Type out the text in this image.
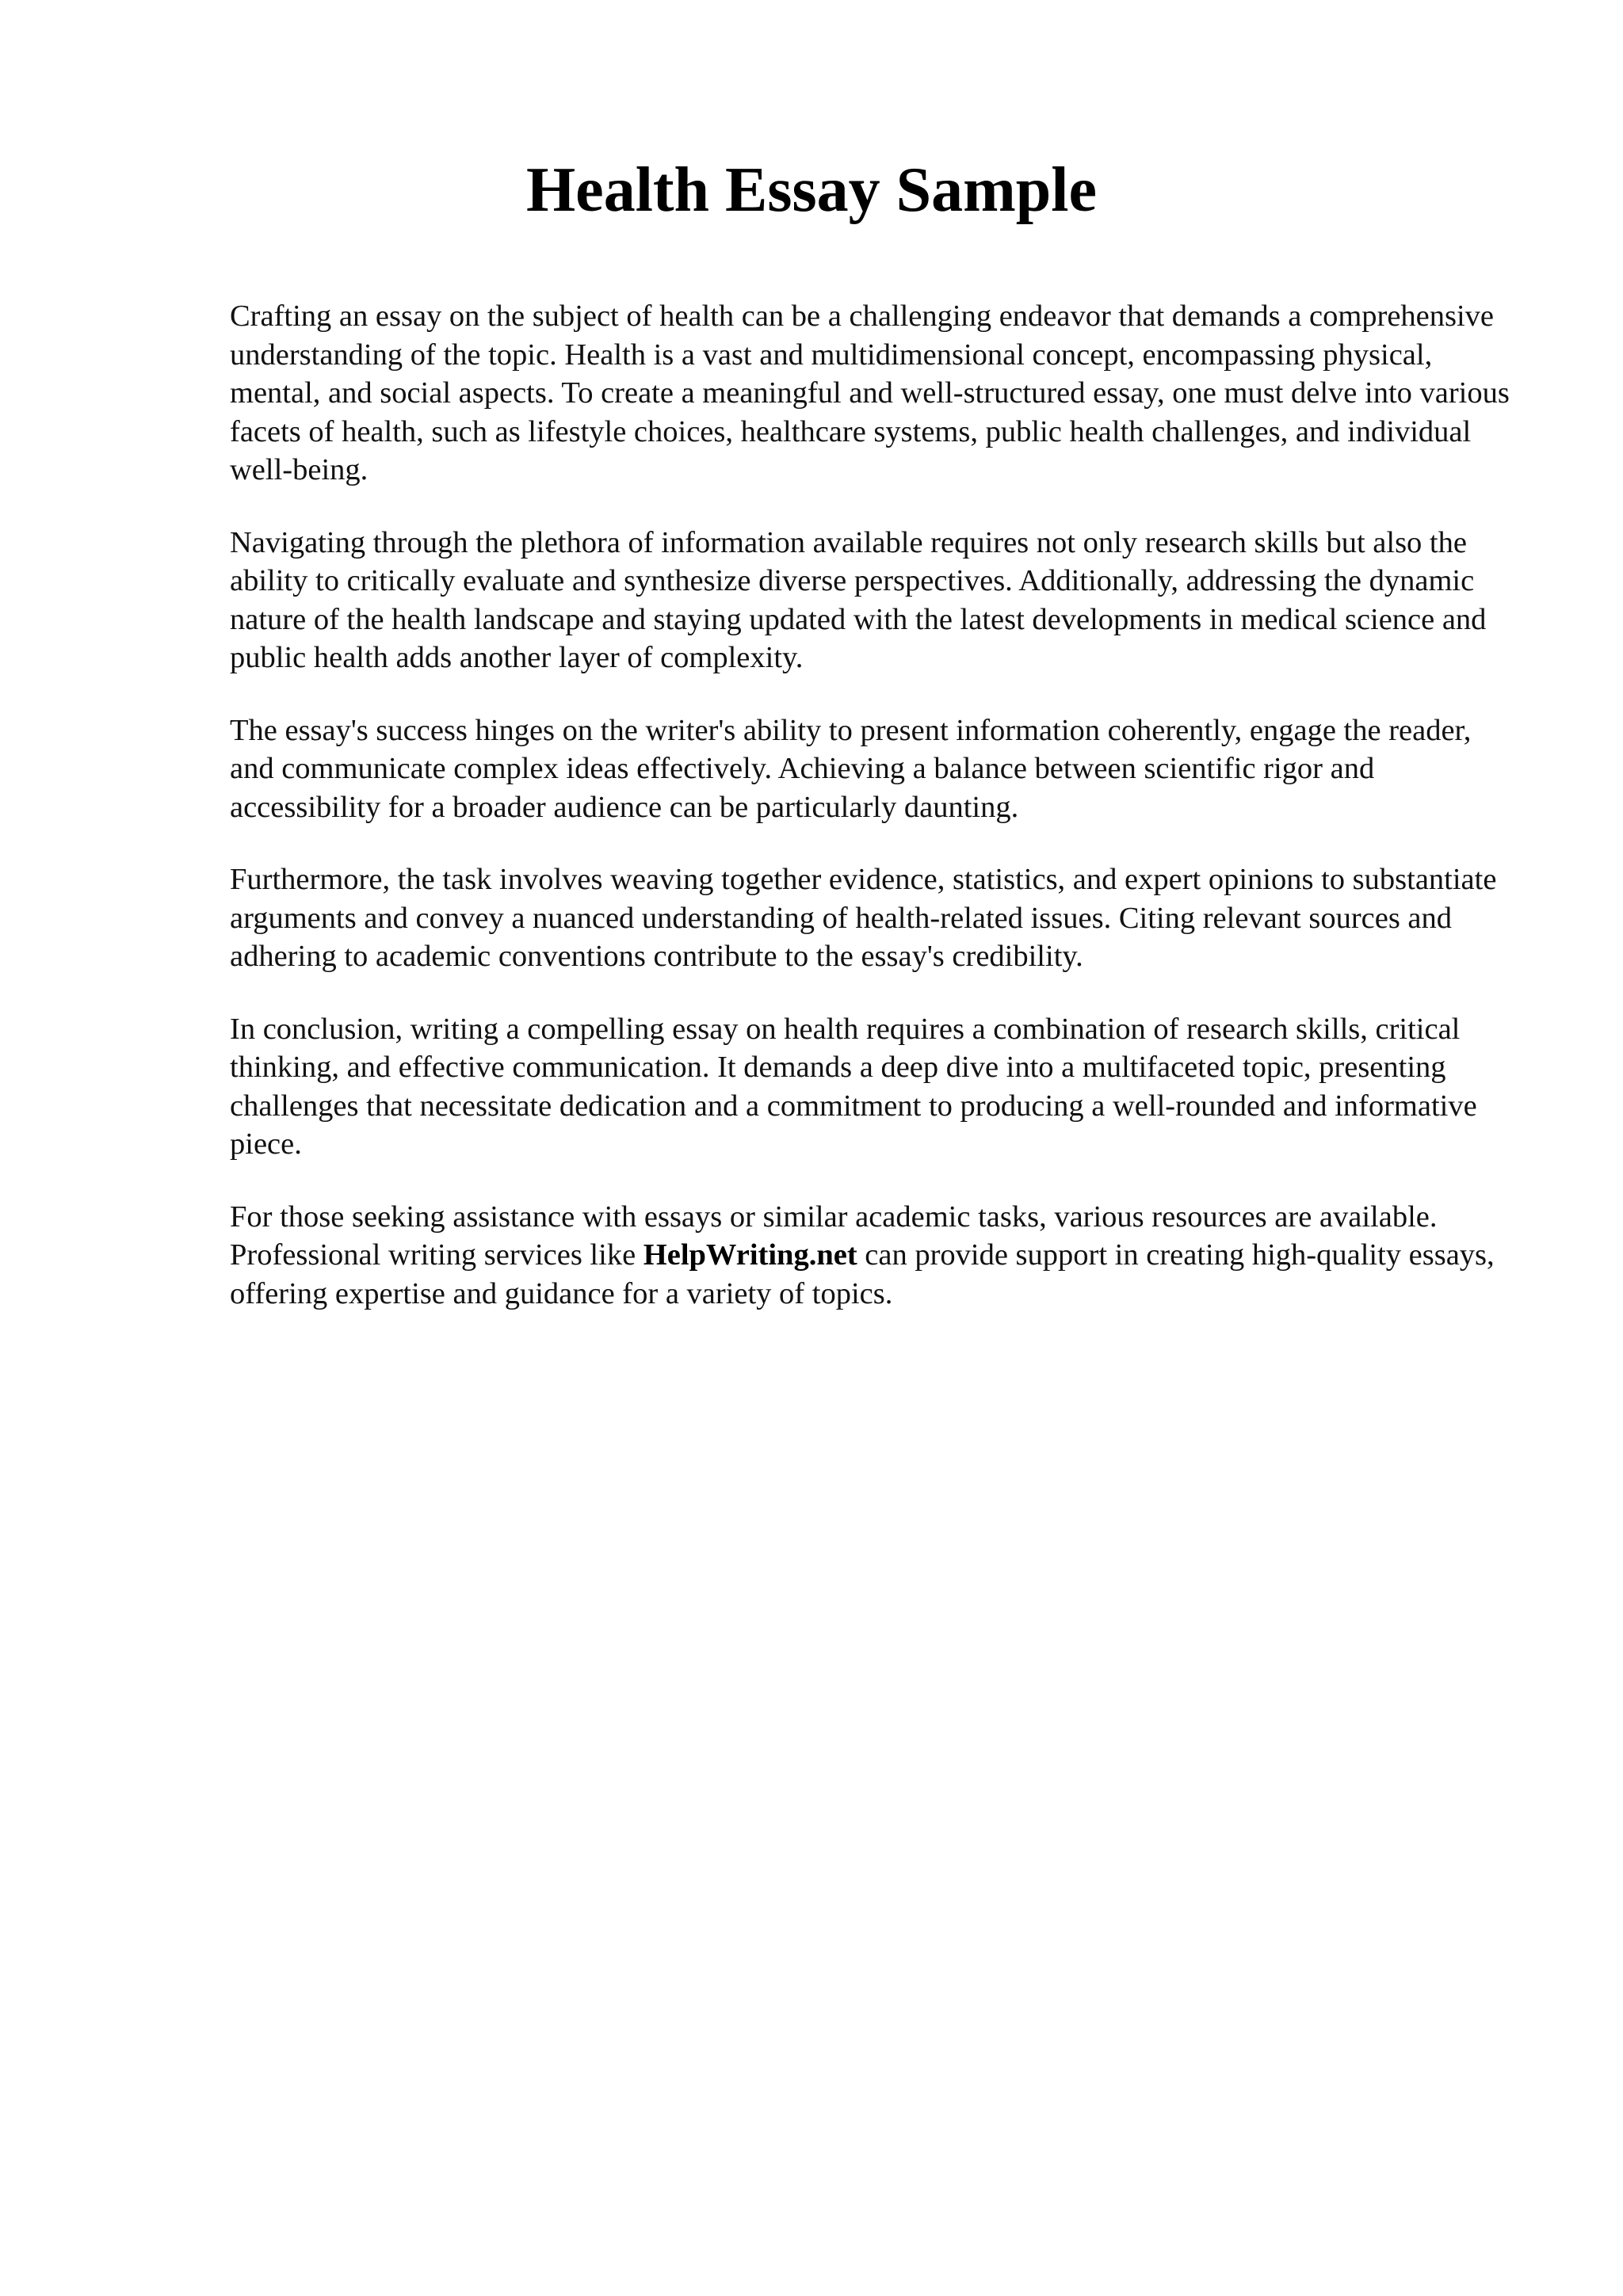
Health Essay Sample

Crafting an essay on the subject of health can be a challenging endeavor that demands a comprehensive understanding of the topic. Health is a vast and multidimensional concept, encompassing physical, mental, and social aspects. To create a meaningful and well-structured essay, one must delve into various facets of health, such as lifestyle choices, healthcare systems, public health challenges, and individual well-being.

Navigating through the plethora of information available requires not only research skills but also the ability to critically evaluate and synthesize diverse perspectives. Additionally, addressing the dynamic nature of the health landscape and staying updated with the latest developments in medical science and public health adds another layer of complexity.

The essay's success hinges on the writer's ability to present information coherently, engage the reader, and communicate complex ideas effectively. Achieving a balance between scientific rigor and accessibility for a broader audience can be particularly daunting.

Furthermore, the task involves weaving together evidence, statistics, and expert opinions to substantiate arguments and convey a nuanced understanding of health-related issues. Citing relevant sources and adhering to academic conventions contribute to the essay's credibility.

In conclusion, writing a compelling essay on health requires a combination of research skills, critical thinking, and effective communication. It demands a deep dive into a multifaceted topic, presenting challenges that necessitate dedication and a commitment to producing a well-rounded and informative piece.

For those seeking assistance with essays or similar academic tasks, various resources are available. Professional writing services like HelpWriting.net can provide support in creating high-quality essays, offering expertise and guidance for a variety of topics.
